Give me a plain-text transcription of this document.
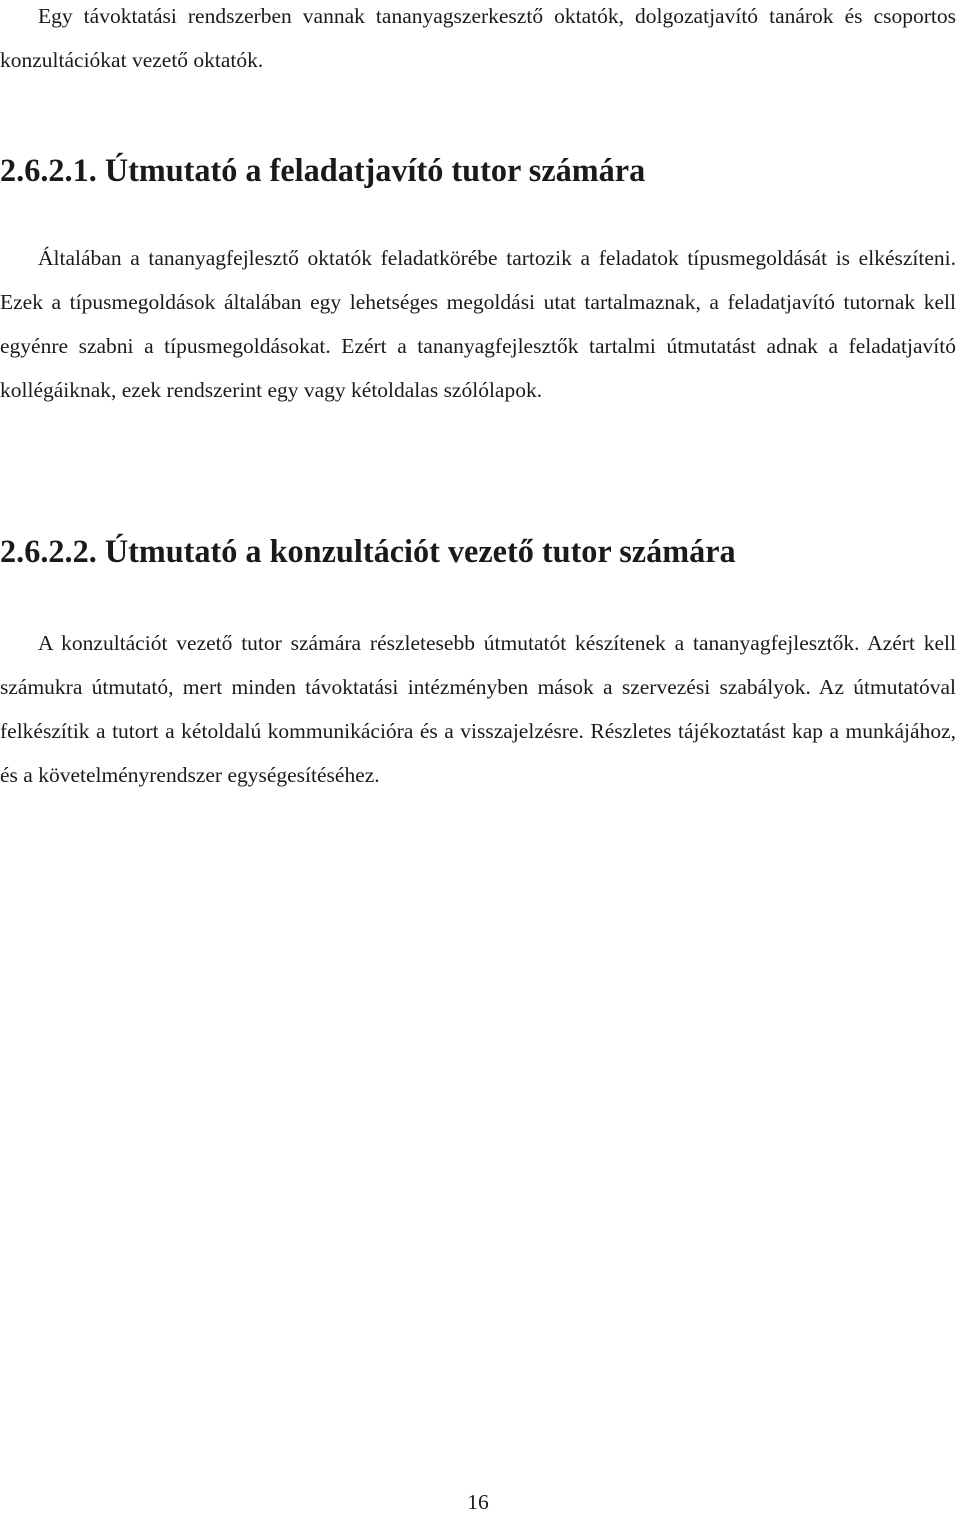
Egy távoktatási rendszerben vannak tananyagszerkesztő oktatók, dolgozatjavító tanárok és csoportos konzultációkat vezető oktatók.

2.6.2.1. Útmutató a feladatjavító tutor számára

Általában a tananyagfejlesztő oktatók feladatkörébe tartozik a feladatok típusmegoldását is elkészíteni. Ezek a típusmegoldások általában egy lehetséges megoldási utat tartalmaznak, a feladatjavító tutornak kell egyénre szabni a típusmegoldásokat. Ezért a tananyagfejlesztők tartalmi útmutatást adnak a feladatjavító kollégáiknak, ezek rendszerint egy vagy kétoldalas szólólapok.

2.6.2.2. Útmutató a konzultációt vezető tutor számára

A konzultációt vezető tutor számára részletesebb útmutatót készítenek a tananyagfejlesztők. Azért kell számukra útmutató, mert minden távoktatási intézményben mások a szervezési szabályok. Az útmutatóval felkészítik a tutort a kétoldalú kommunikációra és a visszajelzésre. Részletes tájékoztatást kap a munkájához, és a követelményrendszer egységesítéséhez.

16
